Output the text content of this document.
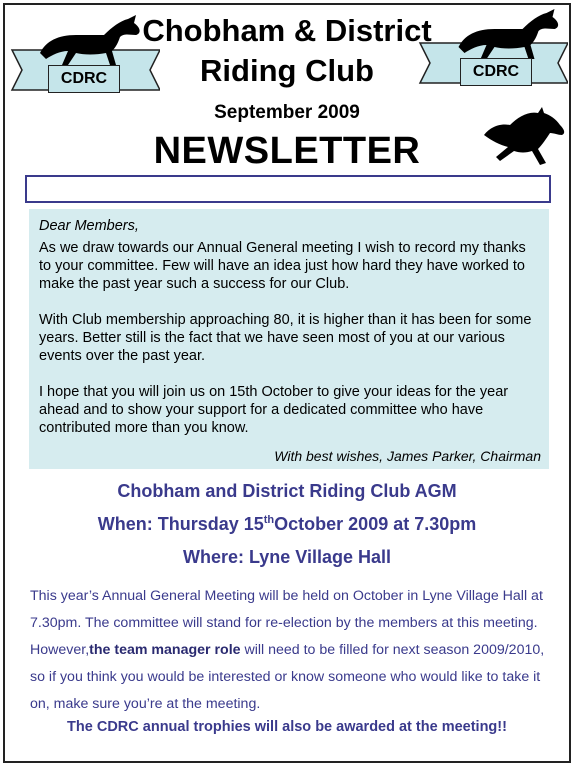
CDRC	CDRC
Chobham & District
Riding Club
September 2009
NEWSLETTER

Dear Members,

As we draw towards our Annual General meeting I wish to record my thanks to your committee. Few will have an idea just how hard they have worked to make the past year such a success for our Club.

With Club membership approaching 80, it is higher than it has been for some years. Better still is the fact that we have seen most of you at our various events over the past year.

I hope that you will join us on 15th October to give your ideas for the year ahead and to show your support for a dedicated committee who have contributed more than you know.

With best wishes, James Parker, Chairman
Chobham and District Riding Club AGM
When: Thursday 15thOctober 2009 at 7.30pm
Where: Lyne Village Hall
This year’s Annual General Meeting will be held on October in Lyne Village Hall at 7.30pm. The committee will stand for re-election by the members at this meeting. However,the team manager role will need to be filled for next season 2009/2010, so if you think you would be interested or know someone who would like to take it on, make sure you’re at the meeting.
The CDRC annual trophies will also be awarded at the meeting!!
